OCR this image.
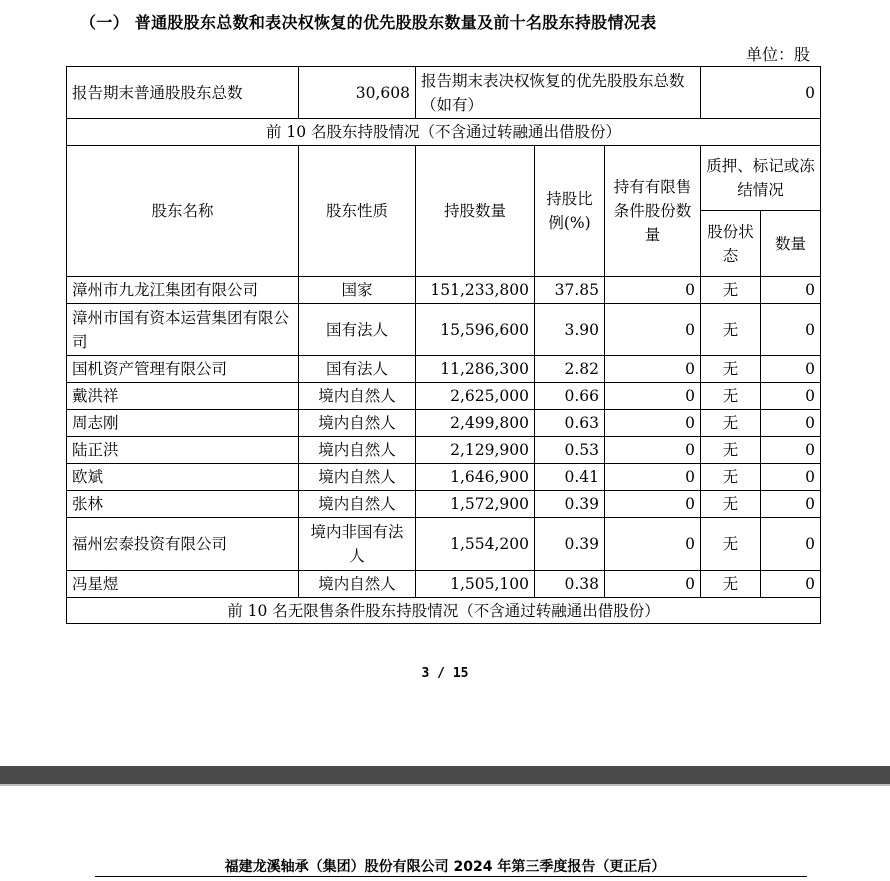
（一） 普通股股东总数和表决权恢复的优先股股东数量及前十名股东持股情况表
单位：股
报告期末普通股股东总数	30,608	报告期末表决权恢复的优先股股东总数（如有）			0	
前 10 名股东持股情况（不含通过转融通出借股份）						
股东名称	股东性质	持股数量	持股比例(%)	持有有限售条件股份数量	质押、标记或冻结情况	
					股份状态	数量
漳州市九龙江集团有限公司	国家	151,233,800	37.85	0	无	0
漳州市国有资本运营集团有限公司	国有法人	15,596,600	3.90	0	无	0
国机资产管理有限公司	国有法人	11,286,300	2.82	0	无	0
戴洪祥	境内自然人	2,625,000	0.66	0	无	0
周志刚	境内自然人	2,499,800	0.63	0	无	0
陆正洪	境内自然人	2,129,900	0.53	0	无	0
欧斌	境内自然人	1,646,900	0.41	0	无	0
张林	境内自然人	1,572,900	0.39	0	无	0
福州宏泰投资有限公司	境内非国有法人	1,554,200	0.39	0	无	0
冯星煜	境内自然人	1,505,100	0.38	0	无	0
前 10 名无限售条件股东持股情况（不含通过转融通出借股份）						
3 / 15
福建龙溪轴承（集团）股份有限公司 2024 年第三季度报告（更正后）
